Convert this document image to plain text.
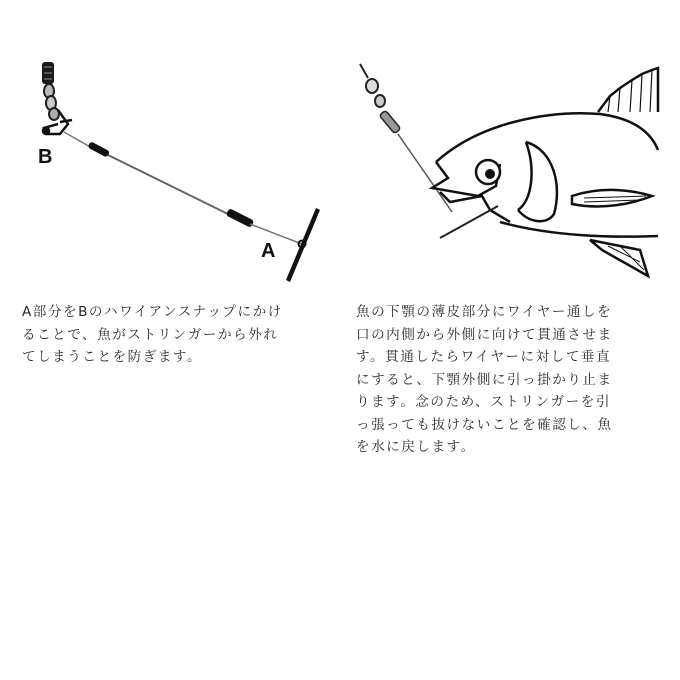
B
A
A部分をBのハワイアンスナップにかけ
ることで、魚がストリンガーから外れ
てしまうことを防ぎます。
魚の下顎の薄皮部分にワイヤー通しを
口の内側から外側に向けて貫通させま
す。貫通したらワイヤーに対して垂直
にすると、下顎外側に引っ掛かり止ま
ります。念のため、ストリンガーを引
っ張っても抜けないことを確認し、魚
を水に戻します。
